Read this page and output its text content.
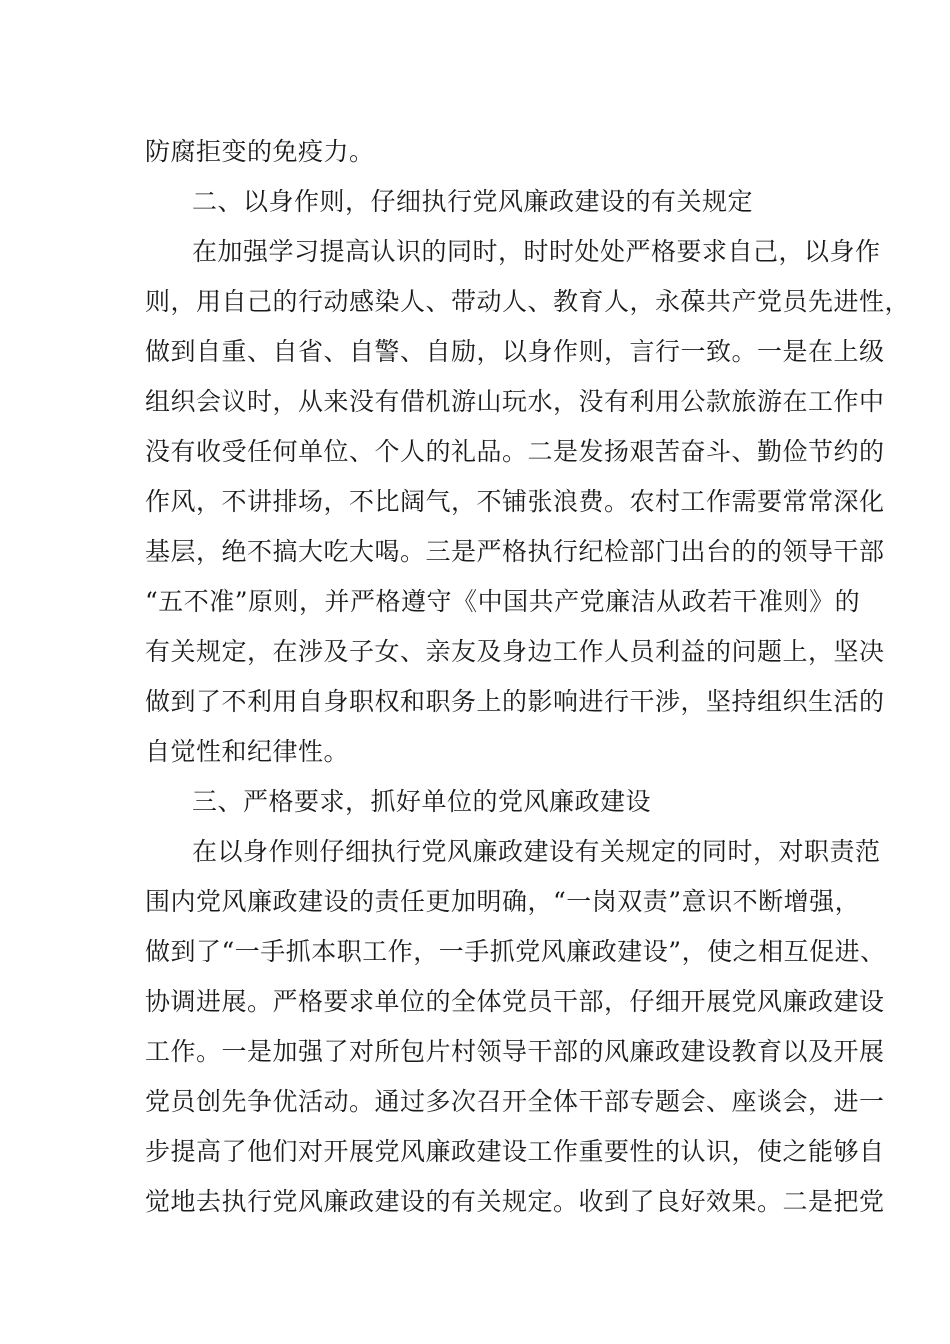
防腐拒变的免疫力。
二、以身作则，仔细执行党风廉政建设的有关规定
在加强学习提高认识的同时，时时处处严格要求自己，以身作
则，用自己的行动感染人、带动人、教育人，永葆共产党员先进性，
做到自重、自省、自警、自励，以身作则，言行一致。一是在上级
组织会议时，从来没有借机游山玩水，没有利用公款旅游在工作中
没有收受任何单位、个人的礼品。二是发扬艰苦奋斗、勤俭节约的
作风，不讲排场，不比阔气，不铺张浪费。农村工作需要常常深化
基层，绝不搞大吃大喝。三是严格执行纪检部门出台的的领导干部
“五不准”原则，并严格遵守《中国共产党廉洁从政若干准则》的
有关规定，在涉及子女、亲友及身边工作人员利益的问题上，坚决
做到了不利用自身职权和职务上的影响进行干涉，坚持组织生活的
自觉性和纪律性。
三、严格要求，抓好单位的党风廉政建设
在以身作则仔细执行党风廉政建设有关规定的同时，对职责范
围内党风廉政建设的责任更加明确，“一岗双责”意识不断增强，
做到了“一手抓本职工作，一手抓党风廉政建设”，使之相互促进、
协调进展。严格要求单位的全体党员干部，仔细开展党风廉政建设
工作。一是加强了对所包片村领导干部的风廉政建设教育以及开展
党员创先争优活动。通过多次召开全体干部专题会、座谈会，进一
步提高了他们对开展党风廉政建设工作重要性的认识，使之能够自
觉地去执行党风廉政建设的有关规定。收到了良好效果。二是把党
